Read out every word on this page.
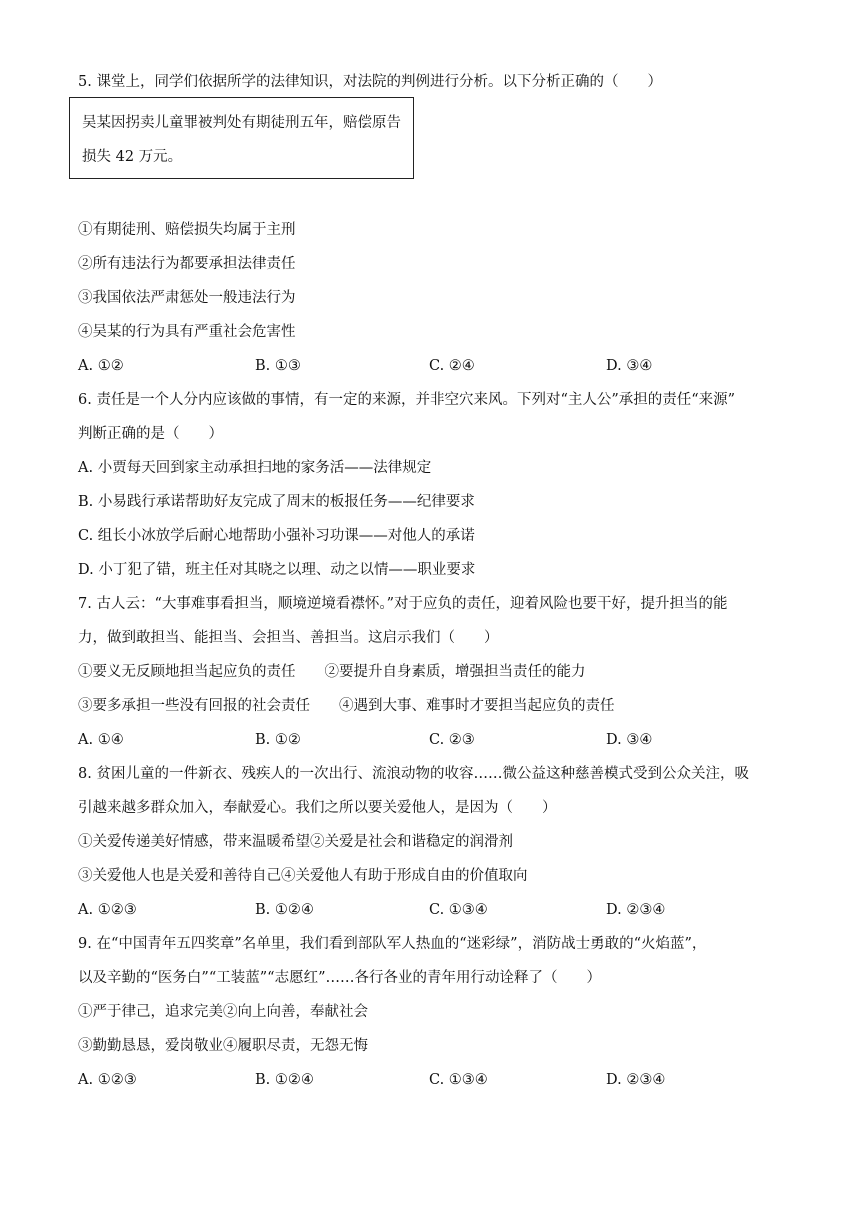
5. 课堂上，同学们依据所学的法律知识，对法院的判例进行分析。以下分析正确的（　　）
吴某因拐卖儿童罪被判处有期徒刑五年，赔偿原告
损失 42 万元。
①有期徒刑、赔偿损失均属于主刑
②所有违法行为都要承担法律责任
③我国依法严肃惩处一般违法行为
④吴某的行为具有严重社会危害性
A. ①②	B. ①③	C. ②④	D. ③④
6. 责任是一个人分内应该做的事情，有一定的来源，并非空穴来风。下列对“主人公”承担的责任“来源”
判断正确的是（　　）
A. 小贾每天回到家主动承担扫地的家务活——法律规定
B. 小易践行承诺帮助好友完成了周末的板报任务——纪律要求
C. 组长小冰放学后耐心地帮助小强补习功课——对他人的承诺
D. 小丁犯了错，班主任对其晓之以理、动之以情——职业要求
7. 古人云：“大事难事看担当，顺境逆境看襟怀。”对于应负的责任，迎着风险也要干好，提升担当的能
力，做到敢担当、能担当、会担当、善担当。这启示我们（　　）
①要义无反顾地担当起应负的责任　　②要提升自身素质，增强担当责任的能力
③要多承担一些没有回报的社会责任　　④遇到大事、难事时才要担当起应负的责任
A. ①④	B. ①②	C. ②③	D. ③④
8. 贫困儿童的一件新衣、残疾人的一次出行、流浪动物的收容……微公益这种慈善模式受到公众关注，吸
引越来越多群众加入，奉献爱心。我们之所以要关爱他人，是因为（　　）
①关爱传递美好情感，带来温暖希望②关爱是社会和谐稳定的润滑剂
③关爱他人也是关爱和善待自己④关爱他人有助于形成自由的价值取向
A. ①②③	B. ①②④	C. ①③④	D. ②③④
9. 在“中国青年五四奖章”名单里，我们看到部队军人热血的“迷彩绿”，消防战士勇敢的“火焰蓝”，
以及辛勤的“医务白”“工装蓝”“志愿红”……各行各业的青年用行动诠释了（　　）
①严于律己，追求完美②向上向善，奉献社会
③勤勤恳恳，爱岗敬业④履职尽责，无怨无悔
A. ①②③	B. ①②④	C. ①③④	D. ②③④
